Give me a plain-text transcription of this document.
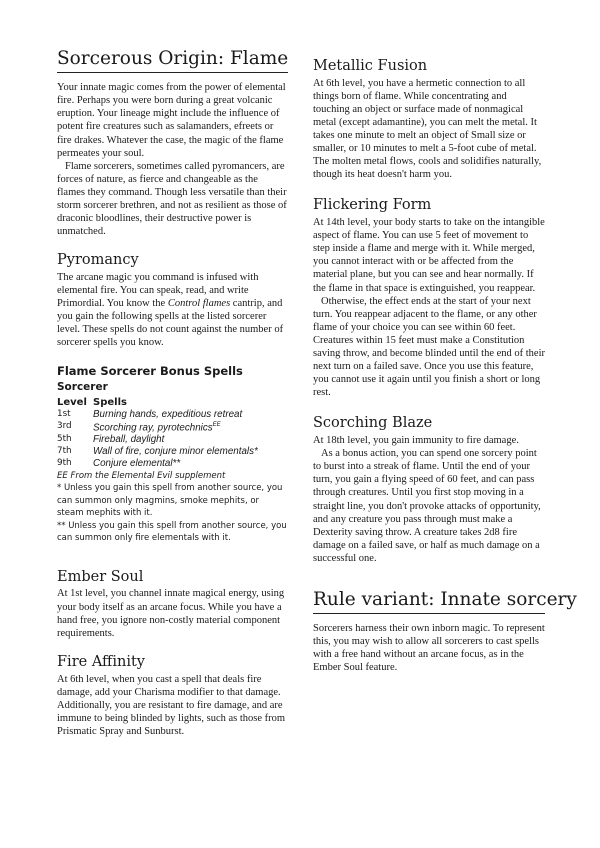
Sorcerous Origin: Flame

Your innate magic comes from the power of elemental fire. Perhaps you were born during a great volcanic eruption. Your lineage might include the influence of potent fire creatures such as salamanders, efreets or fire drakes. Whatever the case, the magic of the flame permeates your soul.

Flame sorcerers, sometimes called pyromancers, are forces of nature, as fierce and changeable as the flames they command. Though less versatile than their storm sorcerer brethren, and not as resilient as those of draconic bloodlines, their destructive power is unmatched.

Pyromancy

The arcane magic you command is infused with elemental fire. You can speak, read, and write Primordial. You know the Control flames cantrip, and you gain the following spells at the listed sorcerer level. These spells do not count against the number of sorcerer spells you know.

Flame Sorcerer Bonus Spells
Sorcerer
Level	Spells
1st	Burning hands, expeditious retreat
3rd	Scorching ray, pyrotechnics$^{EE}$
5th	Fireball, daylight
7th	Wall of fire, conjure minor elementals*
9th	Conjure elemental**

EE From the Elemental Evil supplement

* Unless you gain this spell from another source, you can summon only magmins, smoke mephits, or steam mephits with it.

** Unless you gain this spell from another source, you can summon only fire elementals with it.

Ember Soul

At 1st level, you channel innate magical energy, using your body itself as an arcane focus. While you have a hand free, you ignore non-costly material component requirements.

Fire Affinity

At 6th level, when you cast a spell that deals fire damage, add your Charisma modifier to that damage. Additionally, you are resistant to fire damage, and are immune to being blinded by lights, such as those from Prismatic Spray and Sunburst.

Metallic Fusion

At 6th level, you have a hermetic connection to all things born of flame. While concentrating and touching an object or surface made of nonmagical metal (except adamantine), you can melt the metal. It takes one minute to melt an object of Small size or smaller, or 10 minutes to melt a 5-foot cube of metal. The molten metal flows, cools and solidifies naturally, though its heat doesn't harm you.

Flickering Form

At 14th level, your body starts to take on the intangible aspect of flame. You can use 5 feet of movement to step inside a flame and merge with it. While merged, you cannot interact with or be affected from the material plane, but you can see and hear normally. If the flame in that space is extinguished, you reappear.

Otherwise, the effect ends at the start of your next turn. You reappear adjacent to the flame, or any other flame of your choice you can see within 60 feet. Creatures within 15 feet must make a Constitution saving throw, and become blinded until the end of their next turn on a failed save. Once you use this feature, you cannot use it again until you finish a short or long rest.

Scorching Blaze

At 18th level, you gain immunity to fire damage.

As a bonus action, you can spend one sorcery point to burst into a streak of flame. Until the end of your turn, you gain a flying speed of 60 feet, and can pass through creatures. Until you first stop moving in a straight line, you don't provoke attacks of opportunity, and any creature you pass through must make a Dexterity saving throw. A creature takes 2d8 fire damage on a failed save, or half as much damage on a successful one.

Rule variant: Innate sorcery

Sorcerers harness their own inborn magic. To represent this, you may wish to allow all sorcerers to cast spells with a free hand without an arcane focus, as in the Ember Soul feature.
